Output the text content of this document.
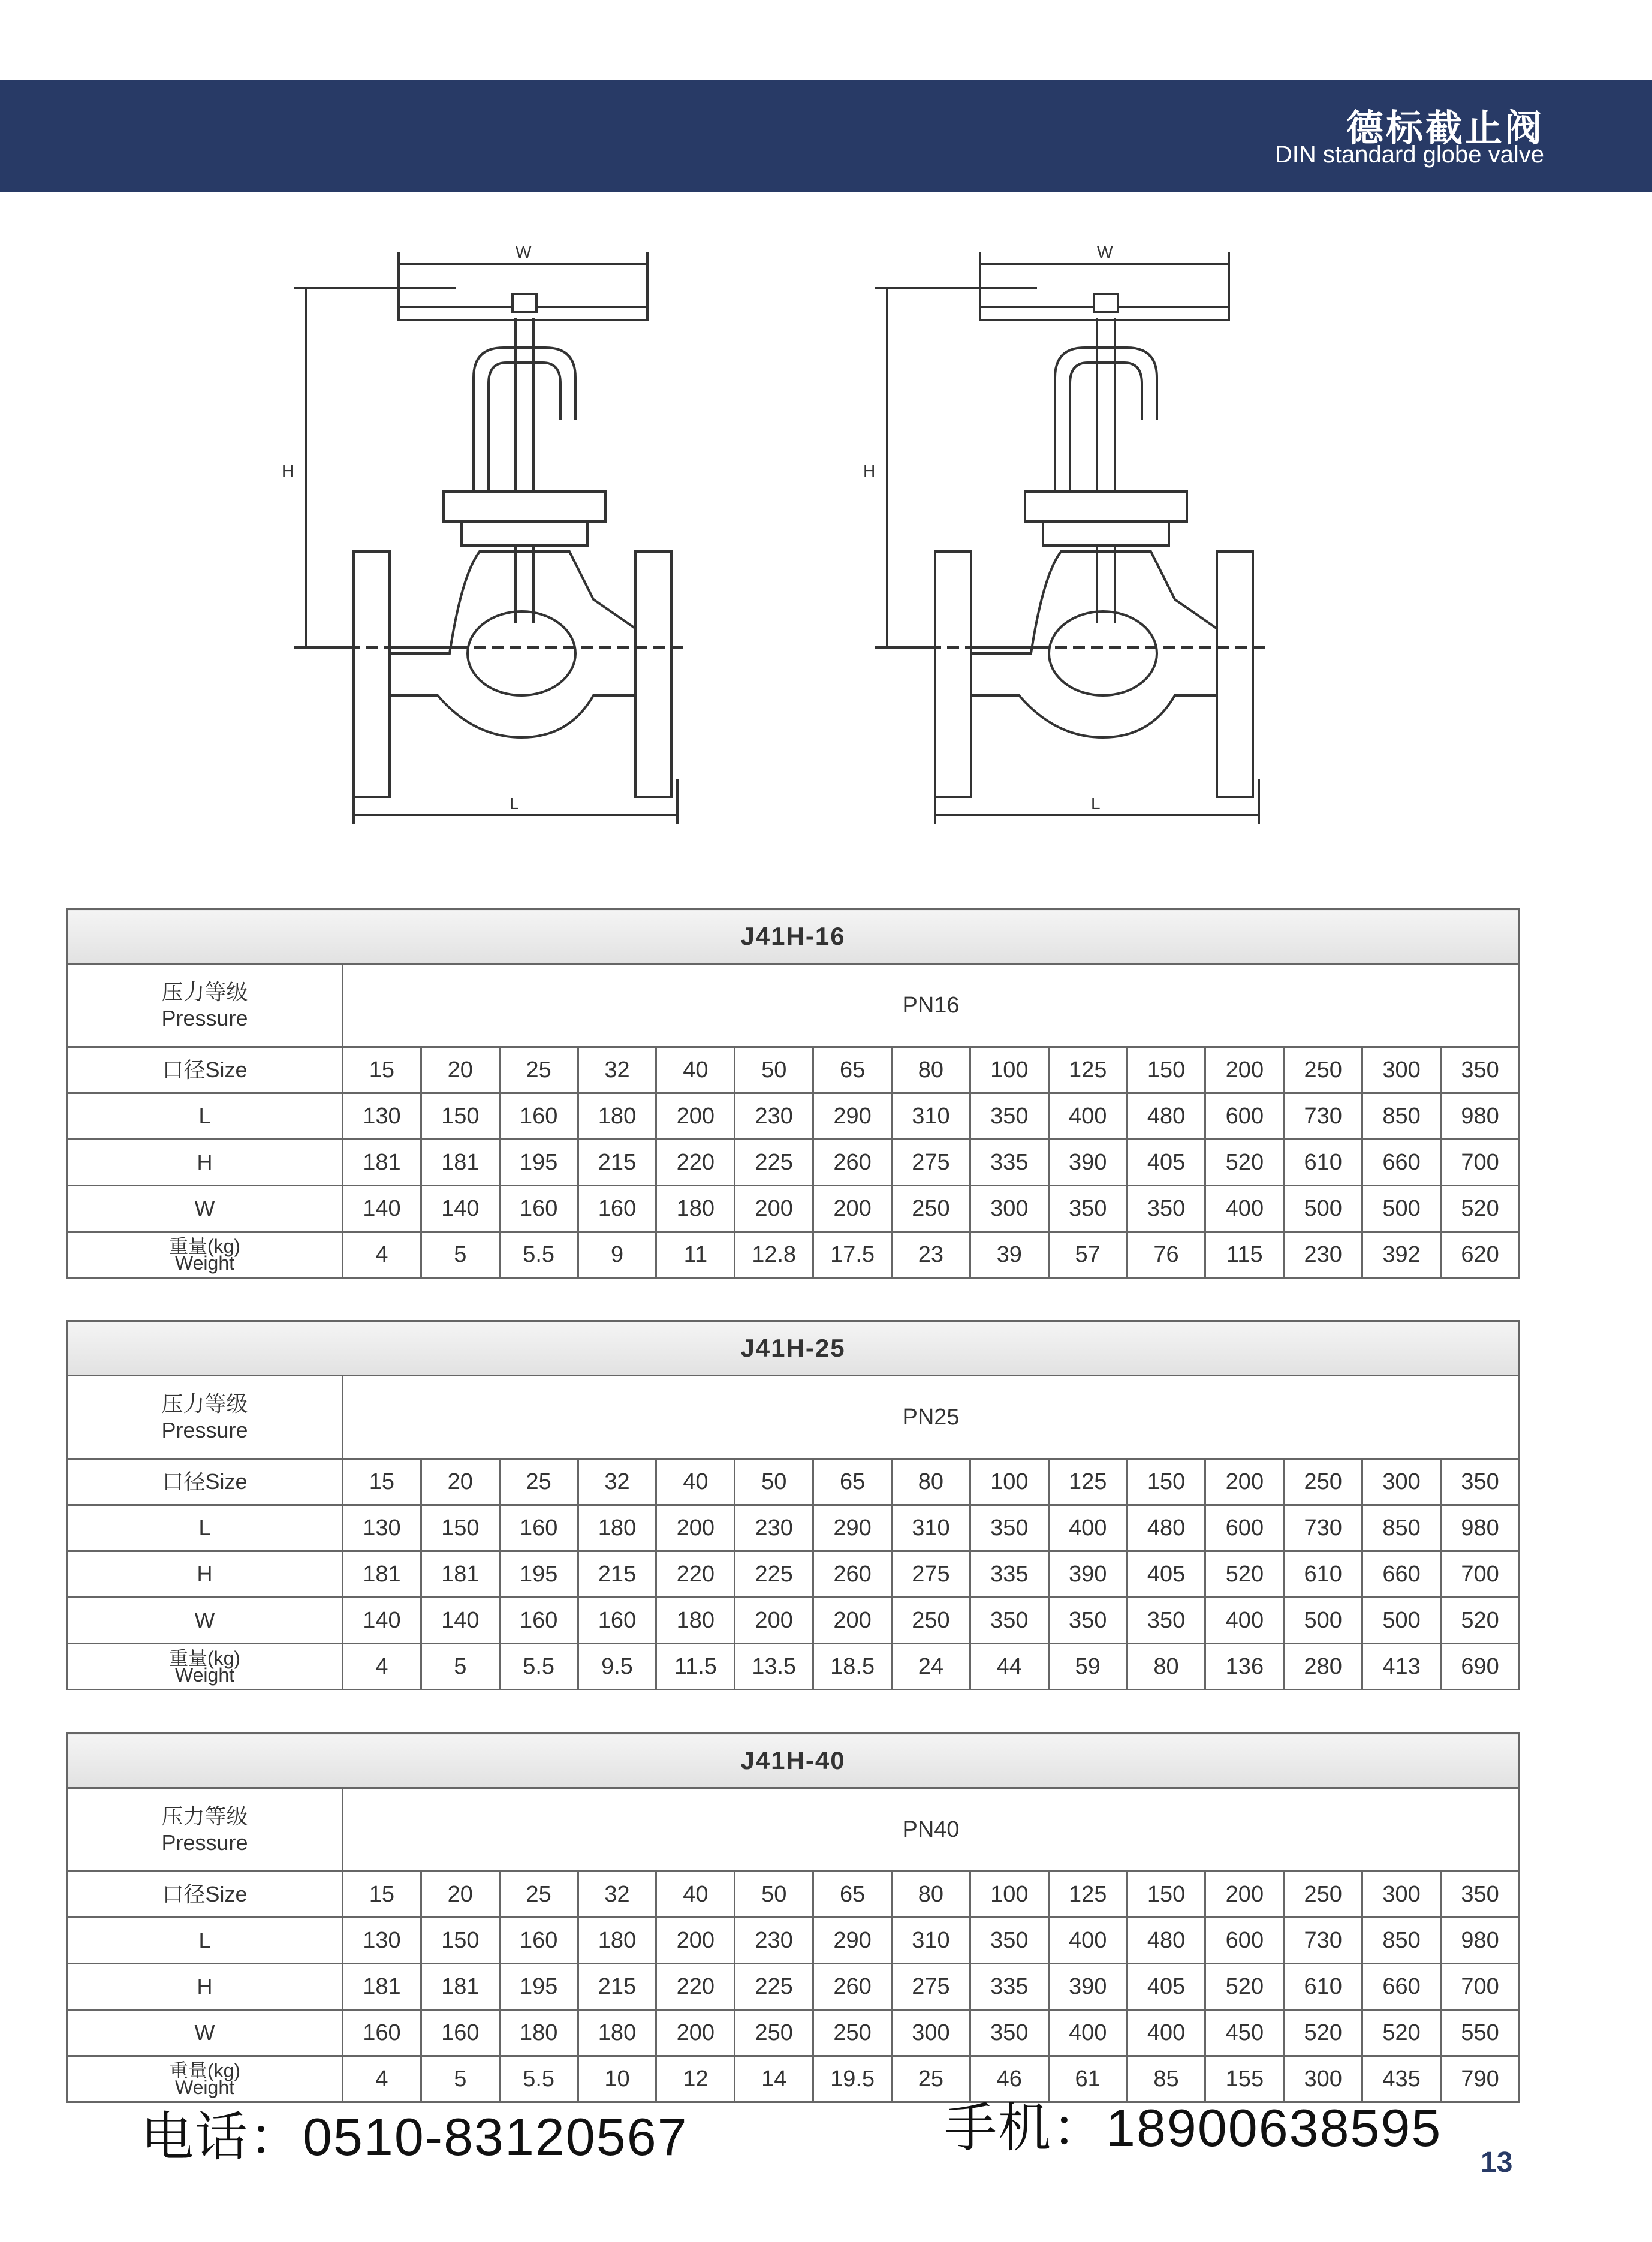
德标截止阀
DIN standard globe valve
W
H
L
W
H
L
J41H-16															

压力等级
Pressure	PN16														
口径Size	15	20	25	32	40	50	65	80	100	125	150	200	250	300	350
L	130	150	160	180	200	230	290	310	350	400	480	600	730	850	980
H	181	181	195	215	220	225	260	275	335	390	405	520	610	660	700
W	140	140	160	160	180	200	200	250	300	350	350	400	500	500	520

重量(kg)
Weight	4	5	5.5	9	11	12.8	17.5	23	39	57	76	115	230	392	620
J41H-25															

压力等级
Pressure	PN25														
口径Size	15	20	25	32	40	50	65	80	100	125	150	200	250	300	350
L	130	150	160	180	200	230	290	310	350	400	480	600	730	850	980
H	181	181	195	215	220	225	260	275	335	390	405	520	610	660	700
W	140	140	160	160	180	200	200	250	350	350	350	400	500	500	520

重量(kg)
Weight	4	5	5.5	9.5	11.5	13.5	18.5	24	44	59	80	136	280	413	690
J41H-40															

压力等级
Pressure	PN40														
口径Size	15	20	25	32	40	50	65	80	100	125	150	200	250	300	350
L	130	150	160	180	200	230	290	310	350	400	480	600	730	850	980
H	181	181	195	215	220	225	260	275	335	390	405	520	610	660	700
W	160	160	180	180	200	250	250	300	350	400	400	450	520	520	550

重量(kg)
Weight	4	5	5.5	10	12	14	19.5	25	46	61	85	155	300	435	790
电话：0510-83120567	手机：18900638595
13
